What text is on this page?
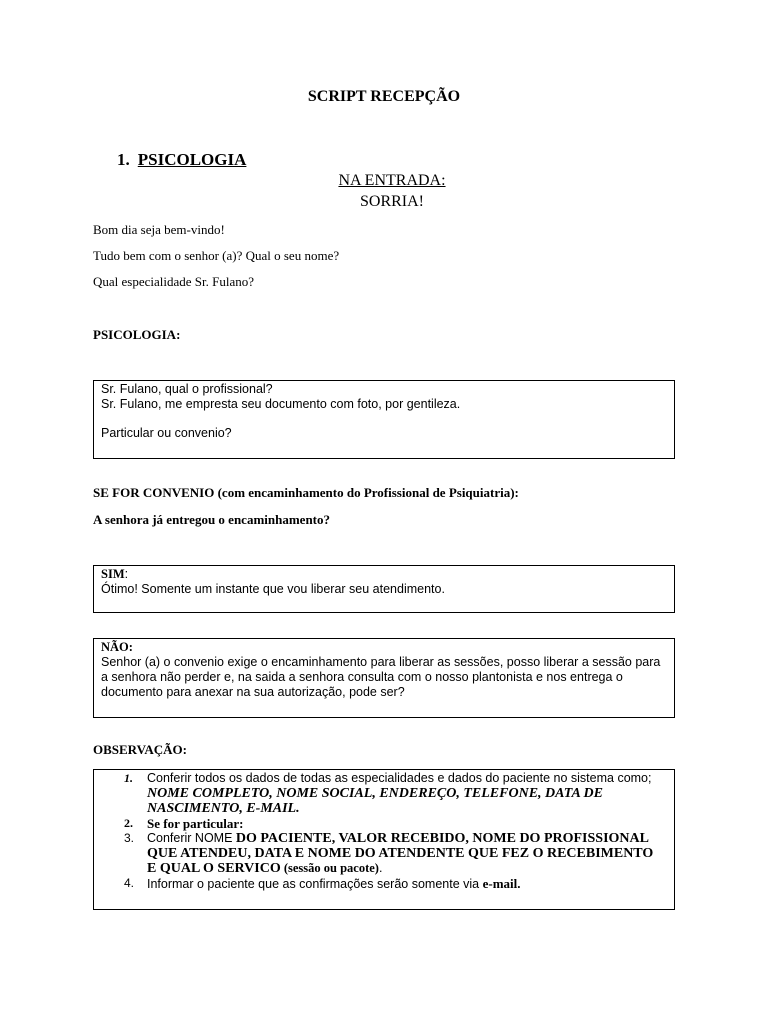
SCRIPT RECEPÇÃO
1. PSICOLOGIA
NA ENTRADA:
SORRIA!
Bom dia seja bem-vindo!
Tudo bem com o senhor (a)? Qual o seu nome?
Qual especialidade Sr. Fulano?
PSICOLOGIA:
Sr. Fulano, qual o profissional?
Sr. Fulano, me empresta seu documento com foto, por gentileza.
Particular ou convenio?
SE FOR CONVENIO (com encaminhamento do Profissional de Psiquiatria):
A senhora já entregou o encaminhamento?
SIM:
Ótimo! Somente um instante que vou liberar seu atendimento.
NÃO:
Senhor (a) o convenio exige o encaminhamento para liberar as sessões, posso liberar a sessão para
a senhora não perder e, na saida a senhora consulta com o nosso plantonista e nos entrega o
documento para anexar na sua autorização, pode ser?
OBSERVAÇÃO:
1. Conferir todos os dados de todas as especialidades e dados do paciente no sistema como;
NOME COMPLETO, NOME SOCIAL, ENDEREÇO, TELEFONE, DATA DE
NASCIMENTO, E-MAIL.
2. Se for particular:
3. Conferir NOME DO PACIENTE, VALOR RECEBIDO, NOME DO PROFISSIONAL
QUE ATENDEU, DATA E NOME DO ATENDENTE QUE FEZ O RECEBIMENTO
E QUAL O SERVICO (sessão ou pacote).
4. Informar o paciente que as confirmações serão somente via e-mail.
